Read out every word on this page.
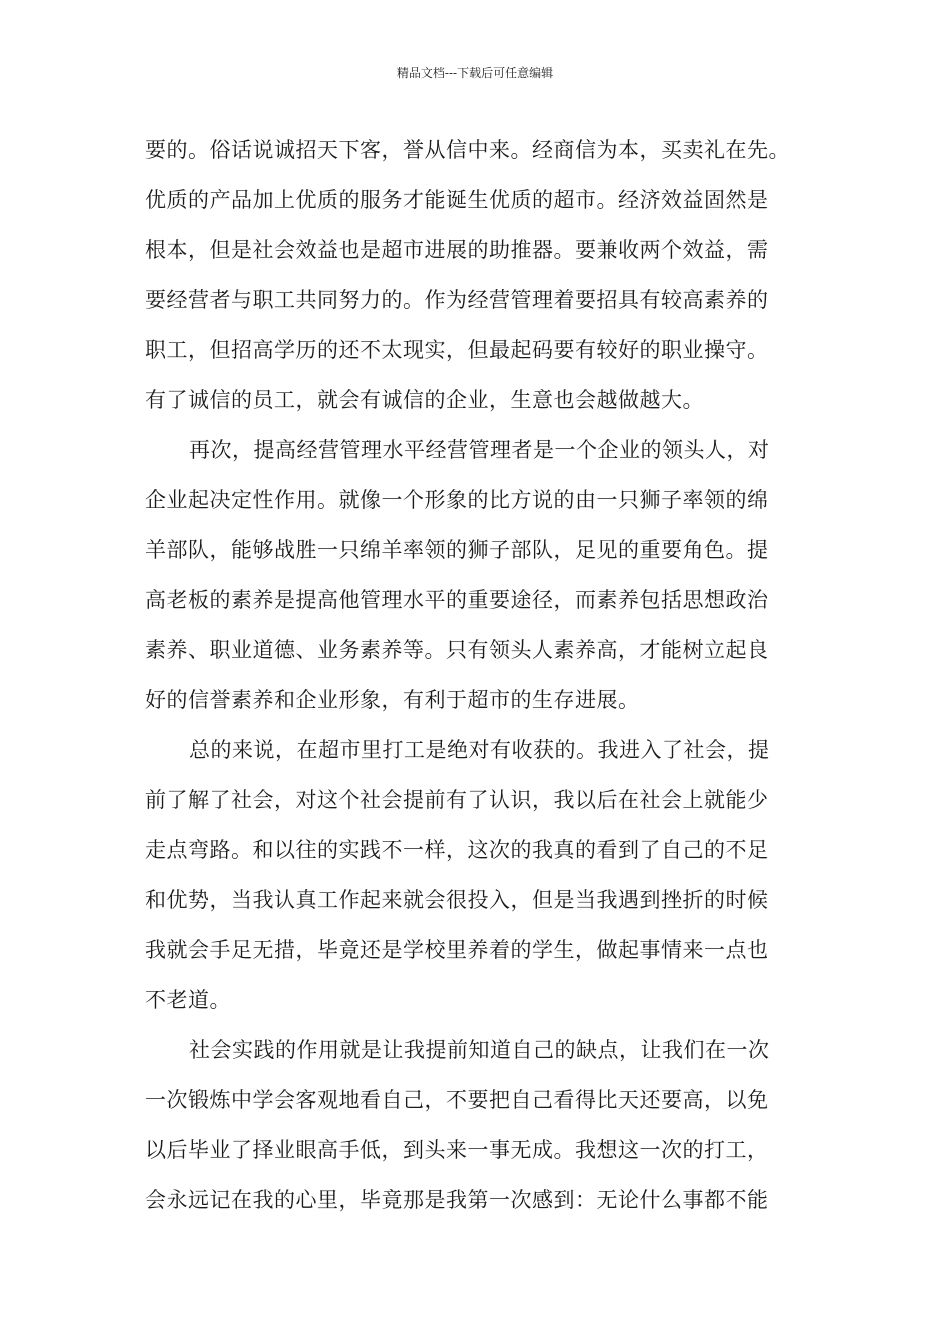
精品文档---下载后可任意编辑
要的。俗话说诚招天下客，誉从信中来。经商信为本，买卖礼在先。
优质的产品加上优质的服务才能诞生优质的超市。经济效益固然是
根本，但是社会效益也是超市进展的助推器。要兼收两个效益，需
要经营者与职工共同努力的。作为经营管理着要招具有较高素养的
职工，但招高学历的还不太现实，但最起码要有较好的职业操守。
有了诚信的员工，就会有诚信的企业，生意也会越做越大。
再次，提高经营管理水平经营管理者是一个企业的领头人，对
企业起决定性作用。就像一个形象的比方说的由一只狮子率领的绵
羊部队，能够战胜一只绵羊率领的狮子部队，足见的重要角色。提
高老板的素养是提高他管理水平的重要途径，而素养包括思想政治
素养、职业道德、业务素养等。只有领头人素养高，才能树立起良
好的信誉素养和企业形象，有利于超市的生存进展。
总的来说，在超市里打工是绝对有收获的。我进入了社会，提
前了解了社会，对这个社会提前有了认识，我以后在社会上就能少
走点弯路。和以往的实践不一样，这次的我真的看到了自己的不足
和优势，当我认真工作起来就会很投入，但是当我遇到挫折的时候
我就会手足无措，毕竟还是学校里养着的学生，做起事情来一点也
不老道。
社会实践的作用就是让我提前知道自己的缺点，让我们在一次
一次锻炼中学会客观地看自己，不要把自己看得比天还要高，以免
以后毕业了择业眼高手低，到头来一事无成。我想这一次的打工，
会永远记在我的心里，毕竟那是我第一次感到：无论什么事都不能
